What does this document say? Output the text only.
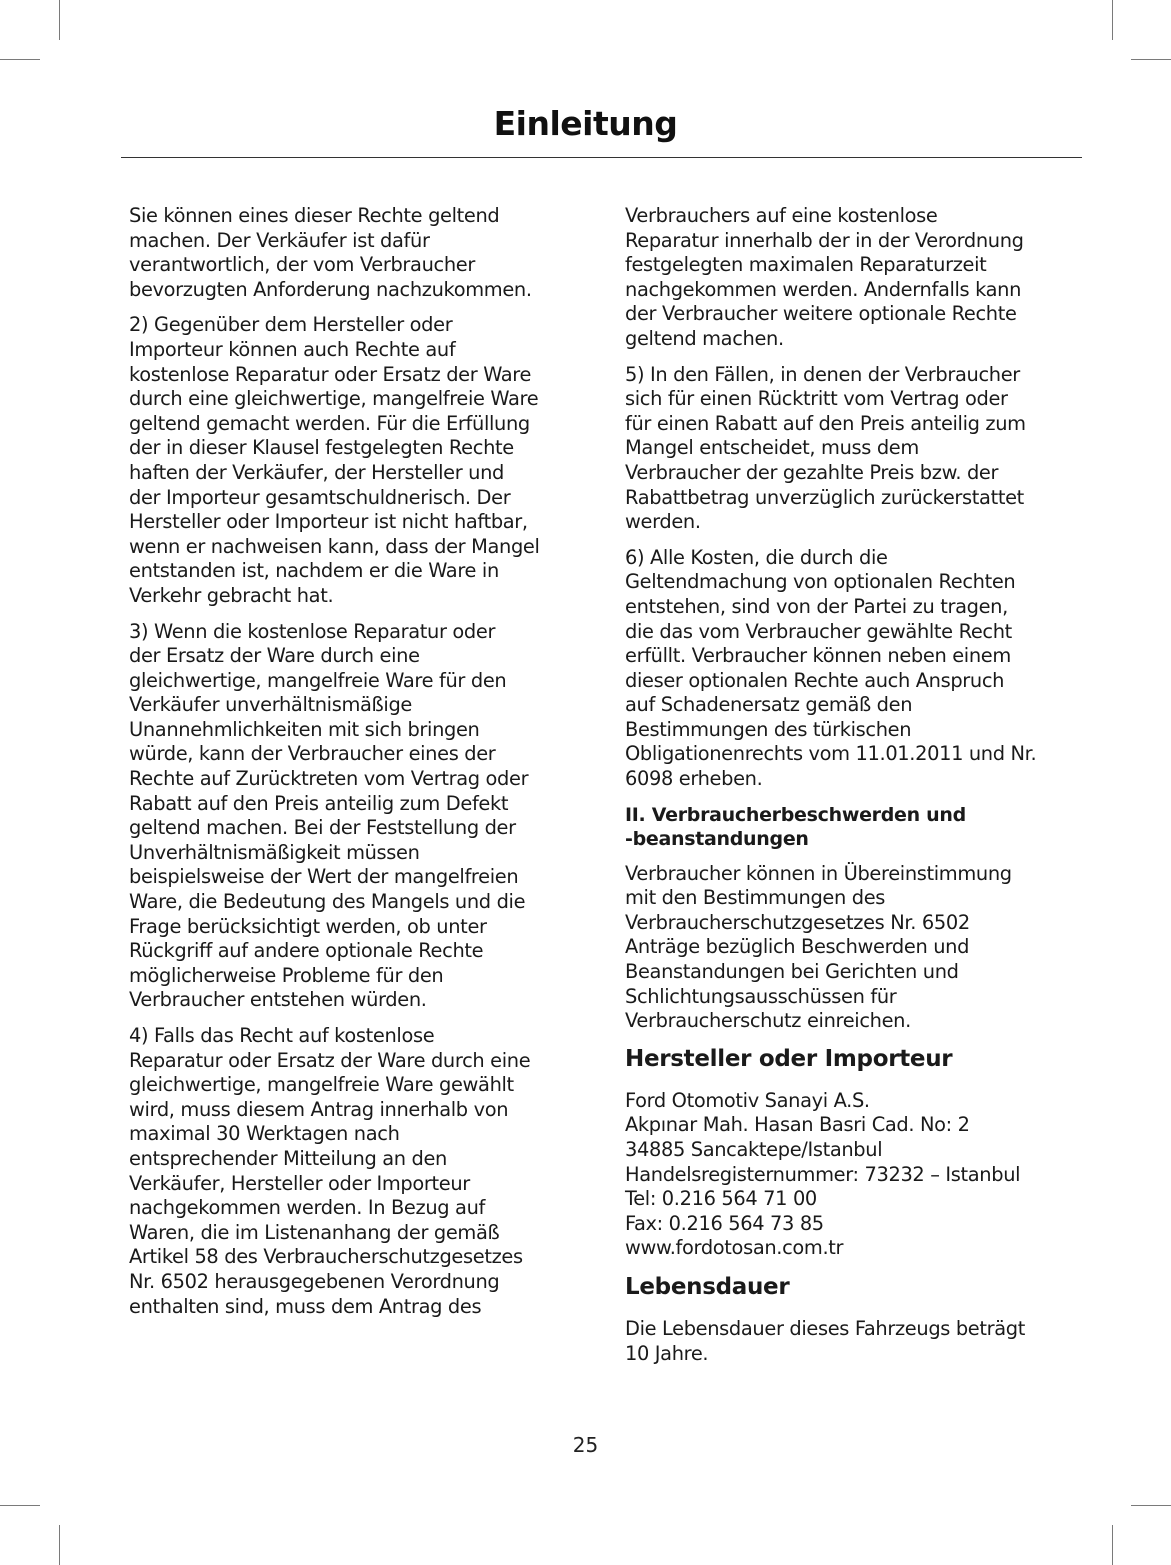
Einleitung

Sie können eines dieser Rechte geltend
machen. Der Verkäufer ist dafür
verantwortlich, der vom Verbraucher
bevorzugten Anforderung nachzukommen.

2) Gegenüber dem Hersteller oder
Importeur können auch Rechte auf
kostenlose Reparatur oder Ersatz der Ware
durch eine gleichwertige, mangelfreie Ware
geltend gemacht werden. Für die Erfüllung
der in dieser Klausel festgelegten Rechte
haften der Verkäufer, der Hersteller und
der Importeur gesamtschuldnerisch. Der
Hersteller oder Importeur ist nicht haftbar,
wenn er nachweisen kann, dass der Mangel
entstanden ist, nachdem er die Ware in
Verkehr gebracht hat.

3) Wenn die kostenlose Reparatur oder
der Ersatz der Ware durch eine
gleichwertige, mangelfreie Ware für den
Verkäufer unverhältnismäßige
Unannehmlichkeiten mit sich bringen
würde, kann der Verbraucher eines der
Rechte auf Zurücktreten vom Vertrag oder
Rabatt auf den Preis anteilig zum Defekt
geltend machen. Bei der Feststellung der
Unverhältnismäßigkeit müssen
beispielsweise der Wert der mangelfreien
Ware, die Bedeutung des Mangels und die
Frage berücksichtigt werden, ob unter
Rückgriff auf andere optionale Rechte
möglicherweise Probleme für den
Verbraucher entstehen würden.

4) Falls das Recht auf kostenlose
Reparatur oder Ersatz der Ware durch eine
gleichwertige, mangelfreie Ware gewählt
wird, muss diesem Antrag innerhalb von
maximal 30 Werktagen nach
entsprechender Mitteilung an den
Verkäufer, Hersteller oder Importeur
nachgekommen werden. In Bezug auf
Waren, die im Listenanhang der gemäß
Artikel 58 des Verbraucherschutzgesetzes
Nr. 6502 herausgegebenen Verordnung
enthalten sind, muss dem Antrag des

Verbrauchers auf eine kostenlose
Reparatur innerhalb der in der Verordnung
festgelegten maximalen Reparaturzeit
nachgekommen werden. Andernfalls kann
der Verbraucher weitere optionale Rechte
geltend machen.

5) In den Fällen, in denen der Verbraucher
sich für einen Rücktritt vom Vertrag oder
für einen Rabatt auf den Preis anteilig zum
Mangel entscheidet, muss dem
Verbraucher der gezahlte Preis bzw. der
Rabattbetrag unverzüglich zurückerstattet
werden.

6) Alle Kosten, die durch die
Geltendmachung von optionalen Rechten
entstehen, sind von der Partei zu tragen,
die das vom Verbraucher gewählte Recht
erfüllt. Verbraucher können neben einem
dieser optionalen Rechte auch Anspruch
auf Schadenersatz gemäß den
Bestimmungen des türkischen
Obligationenrechts vom 11.01.2011 und Nr.
6098 erheben.

II. Verbraucherbeschwerden und
-beanstandungen

Verbraucher können in Übereinstimmung
mit den Bestimmungen des
Verbraucherschutzgesetzes Nr. 6502
Anträge bezüglich Beschwerden und
Beanstandungen bei Gerichten und
Schlichtungsausschüssen für
Verbraucherschutz einreichen.

Hersteller oder Importeur
Ford Otomotiv Sanayi A.S.
Akpınar Mah. Hasan Basri Cad. No: 2
34885 Sancaktepe/Istanbul
Handelsregisternummer: 73232 – Istanbul
Tel: 0.216 564 71 00
Fax: 0.216 564 73 85
www.fordotosan.com.tr
Lebensdauer

Die Lebensdauer dieses Fahrzeugs beträgt
10 Jahre.

25
